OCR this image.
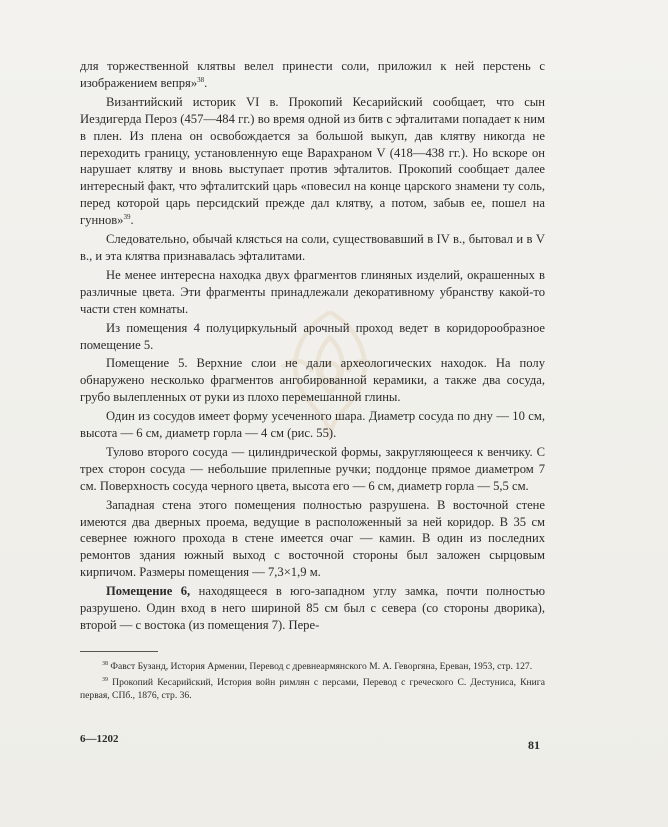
для торжественной клятвы велел принести соли, приложил к ней перстень с изображением вепря»$^{38}$.

Византийский историк VI в. Прокопий Кесарийский сообщает, что сын Иездигерда Пероз (457—484 гг.) во время одной из битв с эфталитами попадает к ним в плен. Из плена он освобождается за большой выкуп, дав клятву никогда не переходить границу, установленную еще Варахраном V (418—438 гг.). Но вскоре он нарушает клятву и вновь выступает против эфталитов. Прокопий сообщает далее интересный факт, что эфталитский царь «повесил на конце царского знамени ту соль, перед которой царь персидский прежде дал клятву, а потом, забыв ее, пошел на гуннов»$^{39}$.

Следовательно, обычай клясться на соли, существовавший в IV в., бытовал и в V в., и эта клятва признавалась эфталитами.

Не менее интересна находка двух фрагментов глиняных изделий, окрашенных в различные цвета. Эти фрагменты принадлежали декоративному убранству какой-то части стен комнаты.

Из помещения 4 полуциркульный арочный проход ведет в коридорообразное помещение 5.

Помещение 5. Верхние слои не дали археологических находок. На полу обнаружено несколько фрагментов ангобированной керамики, а также два сосуда, грубо вылепленных от руки из плохо перемешанной глины.

Один из сосудов имеет форму усеченного шара. Диаметр сосуда по дну — 10 см, высота — 6 см, диаметр горла — 4 см (рис. 55).

Тулово второго сосуда — цилиндрической формы, закругляющееся к венчику. С трех сторон сосуда — небольшие прилепные ручки; поддонце прямое диаметром 7 см. Поверхность сосуда черного цвета, высота его — 6 см, диаметр горла — 5,5 см.

Западная стена этого помещения полностью разрушена. В восточной стене имеются два дверных проема, ведущие в расположенный за ней коридор. В 35 см севернее южного прохода в стене имеется очаг — камин. В один из последних ремонтов здания южный выход с восточной стороны был заложен сырцовым кирпичом. Размеры помещения — 7,3×1,9 м.

Помещение 6, находящееся в юго-западном углу замка, почти полностью разрушено. Один вход в него шириной 85 см был с севера (со стороны дворика), второй — с востока (из помещения 7). Пере-

$^{38}$ Фавст Бузанд, История Армении, Перевод с древнеармянского М. А. Геворгяна, Ереван, 1953, стр. 127.

$^{39}$ Прокопий Кесарийский, История войн римлян с персами, Перевод с греческого С. Дестуниса, Книга первая, СПб., 1876, стр. 36.

6—1202	81
